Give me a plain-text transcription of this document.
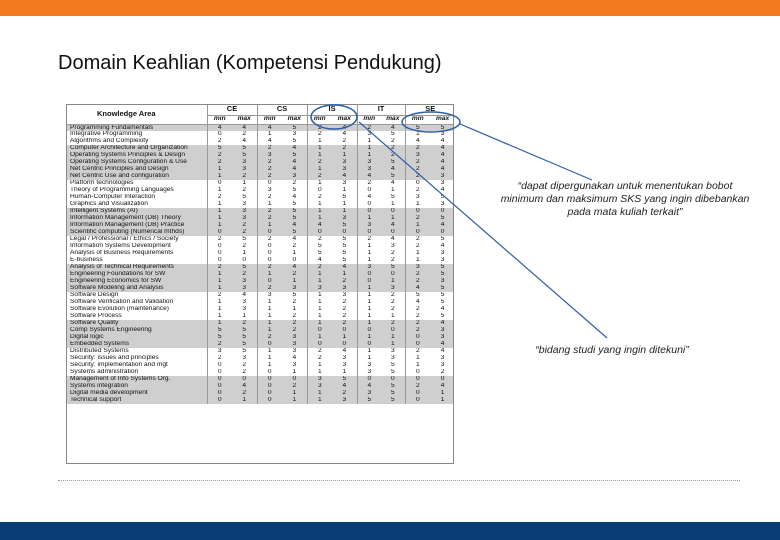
Domain Keahlian (Kompetensi Pendukung)
Knowledge Area	CE		CS		IS		IT		SE	
	min	max	min	max	min	max	min	max	min	max
Programming Fundamentals	4	4	4	5	2	4	2	4	5	5
Integrative Programming	0	2	1	3	2	4	3	5	1	3
Algorithms and Complexity	2	4	4	5	1	2	1	2	4	4
Computer Architecture and Organization	5	5	2	4	1	2	1	2	2	4
Operating Systems Principles & Design	2	5	3	5	1	1	1	2	3	4
Operating Systems Configuration & Use	2	3	2	4	2	3	3	5	2	4
Net Centric Principles and Design	1	3	2	4	1	3	3	4	2	4
Net Centric Use and configuration	1	2	2	3	2	4	4	5	2	3
Platform technologies	0	1	0	2	1	3	2	4	0	3
Theory of Programming Languages	1	2	3	5	0	1	0	1	2	4
Human-Computer Interaction	2	5	2	4	2	5	4	5	3	5
Graphics and Visualization	1	3	1	5	1	1	0	1	1	3
Intelligent Systems (AI)	1	3	2	5	1	1	0	0	0	0
Information Management (DB) Theory	1	3	2	5	1	3	1	1	2	5
Information Management (DB) Practice	1	2	1	4	4	5	3	4	1	4
Scientific computing (Numerical mthds)	0	2	0	5	0	0	0	0	0	0
Legal / Professional / Ethics / Society	2	5	2	4	2	5	2	4	2	5
Information Systems Development	0	2	0	2	5	5	1	3	2	4
Analysis of Business Requirements	0	1	0	1	5	5	1	2	1	3
E-business	0	0	0	0	4	5	1	2	1	3
Analysis of Technical Requirements	2	5	2	4	2	4	3	5	3	5
Engineering Foundations for SW	1	2	1	2	1	1	0	0	2	5
Engineering Economics for SW	1	3	0	1	1	2	0	1	2	3
Software Modeling and Analysis	1	3	2	3	3	3	1	3	4	5
Software Design	2	4	3	5	1	3	1	2	5	5
Software Verification and Validation	1	3	1	2	1	2	1	2	4	5
Software Evolution (maintenance)	1	3	1	1	1	2	1	2	2	4
Software Process	1	1	1	2	1	2	1	1	2	5
Software Quality	1	2	1	2	1	2	1	2	2	4
Comp Systems Engineering	5	5	1	2	0	0	0	0	2	3
Digital logic	5	5	2	3	1	1	1	1	0	3
Embedded Systems	2	5	0	3	0	0	0	1	0	4
Distributed Systems	3	5	1	3	2	4	1	3	2	4
Security: issues and principles	2	3	1	4	2	3	1	3	1	3
Security: implementation and mgt	0	2	1	3	1	3	3	5	1	3
Systems administration	0	2	0	1	1	1	3	5	0	2
Management of Info Systems Org.	0	0	0	0	3	5	0	0	0	0
Systems integration	0	4	0	2	3	4	4	5	2	4
Digital media development	0	2	0	1	1	2	3	5	0	1
Technical support	0	1	0	1	1	3	5	5	0	1
“dapat dipergunakan untuk menentukan bobot minimum dan maksimum SKS yang ingin dibebankan pada mata kuliah terkait”
“bidang studi yang ingin ditekuni”
